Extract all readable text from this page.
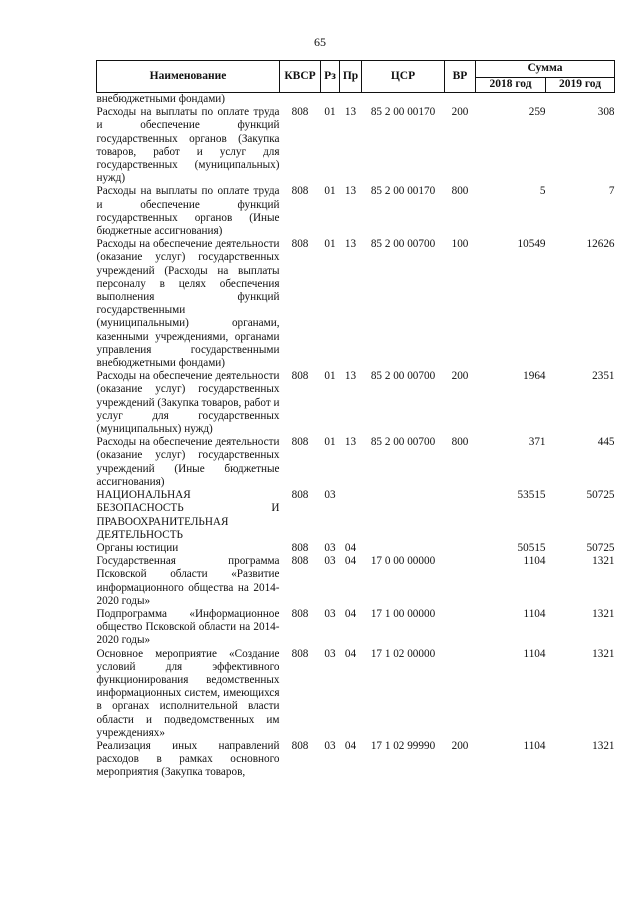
65
Наименование	КВСР	Рз	Пр	ЦСР	ВР	Сумма	
						2018 год	2019 год
внебюджетными фондами)							
Расходы на выплаты по оплате труда и обеспечение функций государственных органов (Закупка товаров, работ и услуг для государственных (муниципальных) нужд)	808	01	13	85 2 00 00170	200	259	308
Расходы на выплаты по оплате труда и обеспечение функций государственных органов (Иные бюджетные ассигнования)	808	01	13	85 2 00 00170	800	5	7
Расходы на обеспечение деятельности (оказание услуг) государственных учреждений (Расходы на выплаты персоналу в целях обеспечения выполнения функций государственными (муниципальными) органами, казенными учреждениями, органами управления государственными внебюджетными фондами)	808	01	13	85 2 00 00700	100	10549	12626
Расходы на обеспечение деятельности (оказание услуг) государственных учреждений (Закупка товаров, работ и услуг для государственных (муниципальных) нужд)	808	01	13	85 2 00 00700	200	1964	2351
Расходы на обеспечение деятельности (оказание услуг) государственных учреждений (Иные бюджетные ассигнования)	808	01	13	85 2 00 00700	800	371	445
НАЦИОНАЛЬНАЯ БЕЗОПАСНОСТЬ И ПРАВООХРАНИТЕЛЬНАЯ ДЕЯТЕЛЬНОСТЬ	808	03				53515	50725
Органы юстиции	808	03	04			50515	50725
Государственная программа Псковской области «Развитие информационного общества на 2014-2020 годы»	808	03	04	17 0 00 00000		1104	1321
Подпрограмма «Информационное общество Псковской области на 2014-2020 годы»	808	03	04	17 1 00 00000		1104	1321
Основное мероприятие «Создание условий для эффективного функционирования ведомственных информационных систем, имеющихся в органах исполнительной власти области и подведомственных им учреждениях»	808	03	04	17 1 02 00000		1104	1321
Реализация иных направлений расходов в рамках основного мероприятия (Закупка товаров,	808	03	04	17 1 02 99990	200	1104	1321
